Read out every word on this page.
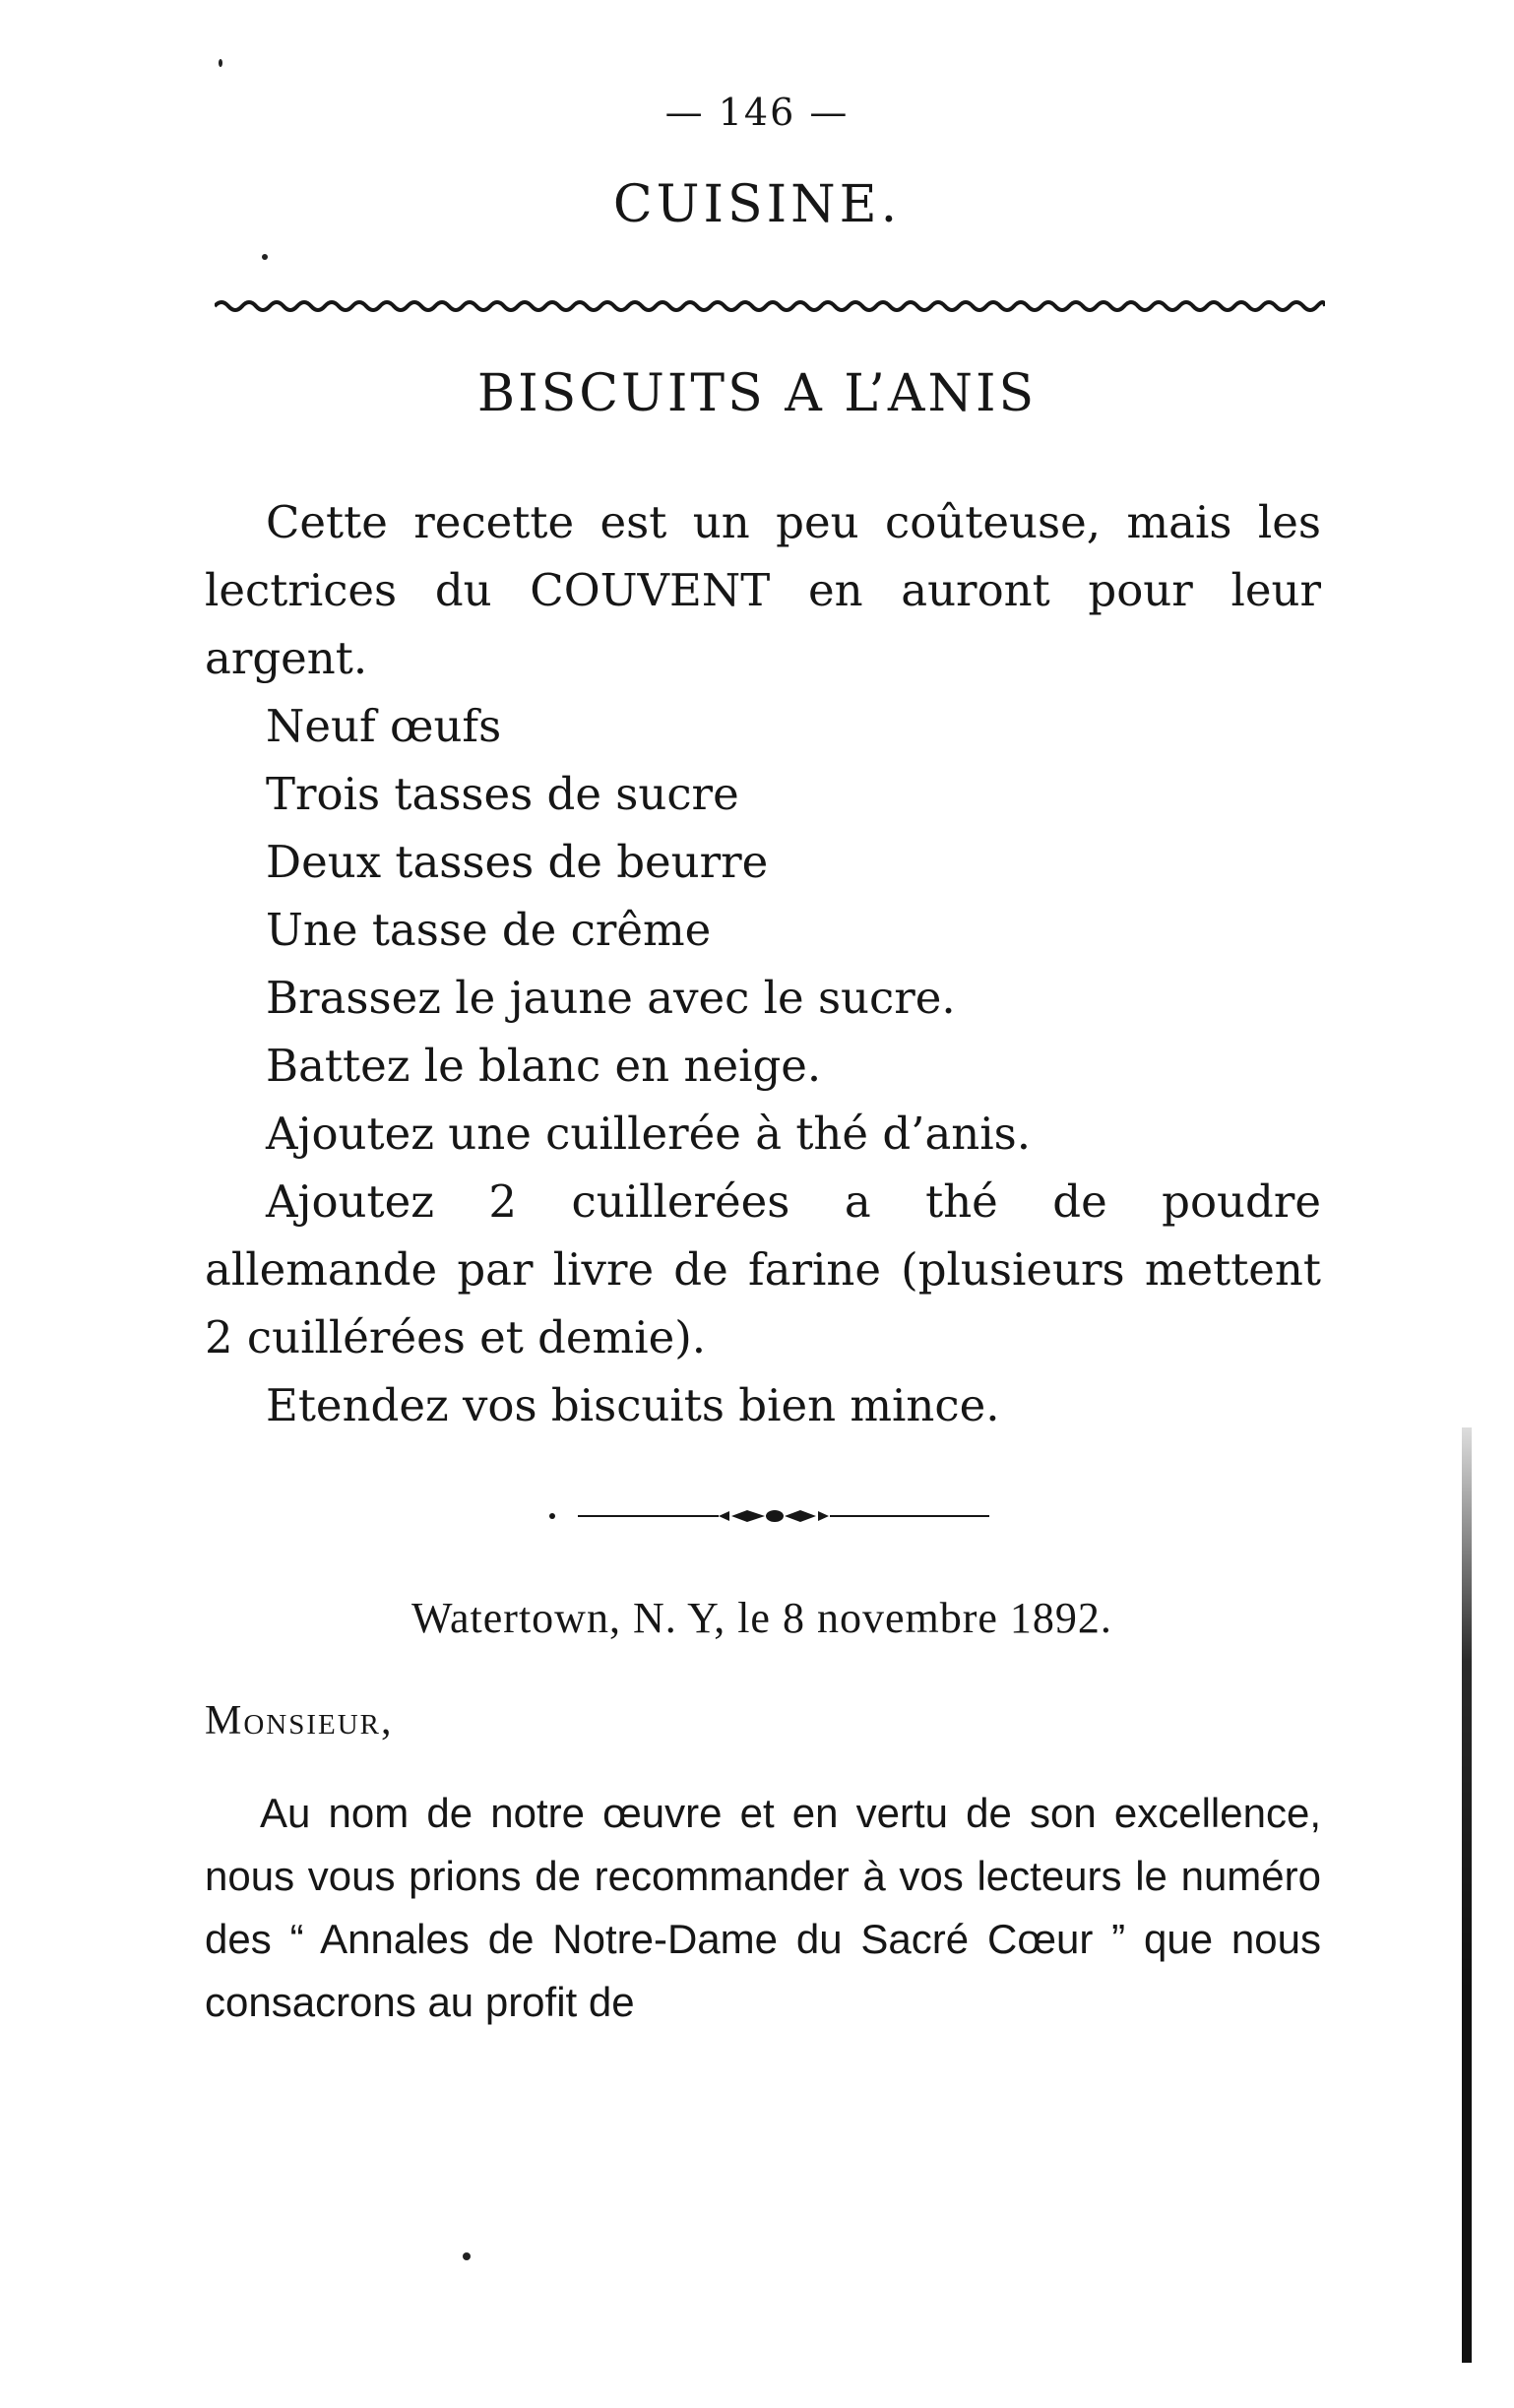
— 146 —
CUISINE.
BISCUITS A L’ANIS

Cette recette est un peu coûteuse, mais les lectrices du COUVENT en auront pour leur argent.

Neuf œufs
Trois tasses de sucre
Deux tasses de beurre
Une tasse de crême
Brassez le jaune avec le sucre.
Battez le blanc en neige.
Ajoutez une cuillerée à thé d’anis.

Ajoutez 2 cuillerées a thé de poudre allemande par livre de farine (plusieurs mettent 2 cuillérées et demie).

Etendez vos biscuits bien mince.
Watertown, N. Y, le 8 novembre 1892.
Monsieur,

Au nom de notre œuvre et en vertu de son excellence, nous vous prions de recommander à vos lecteurs le numéro des “ Annales de Notre-Dame du Sacré Cœur ” que nous consacrons au profit de
